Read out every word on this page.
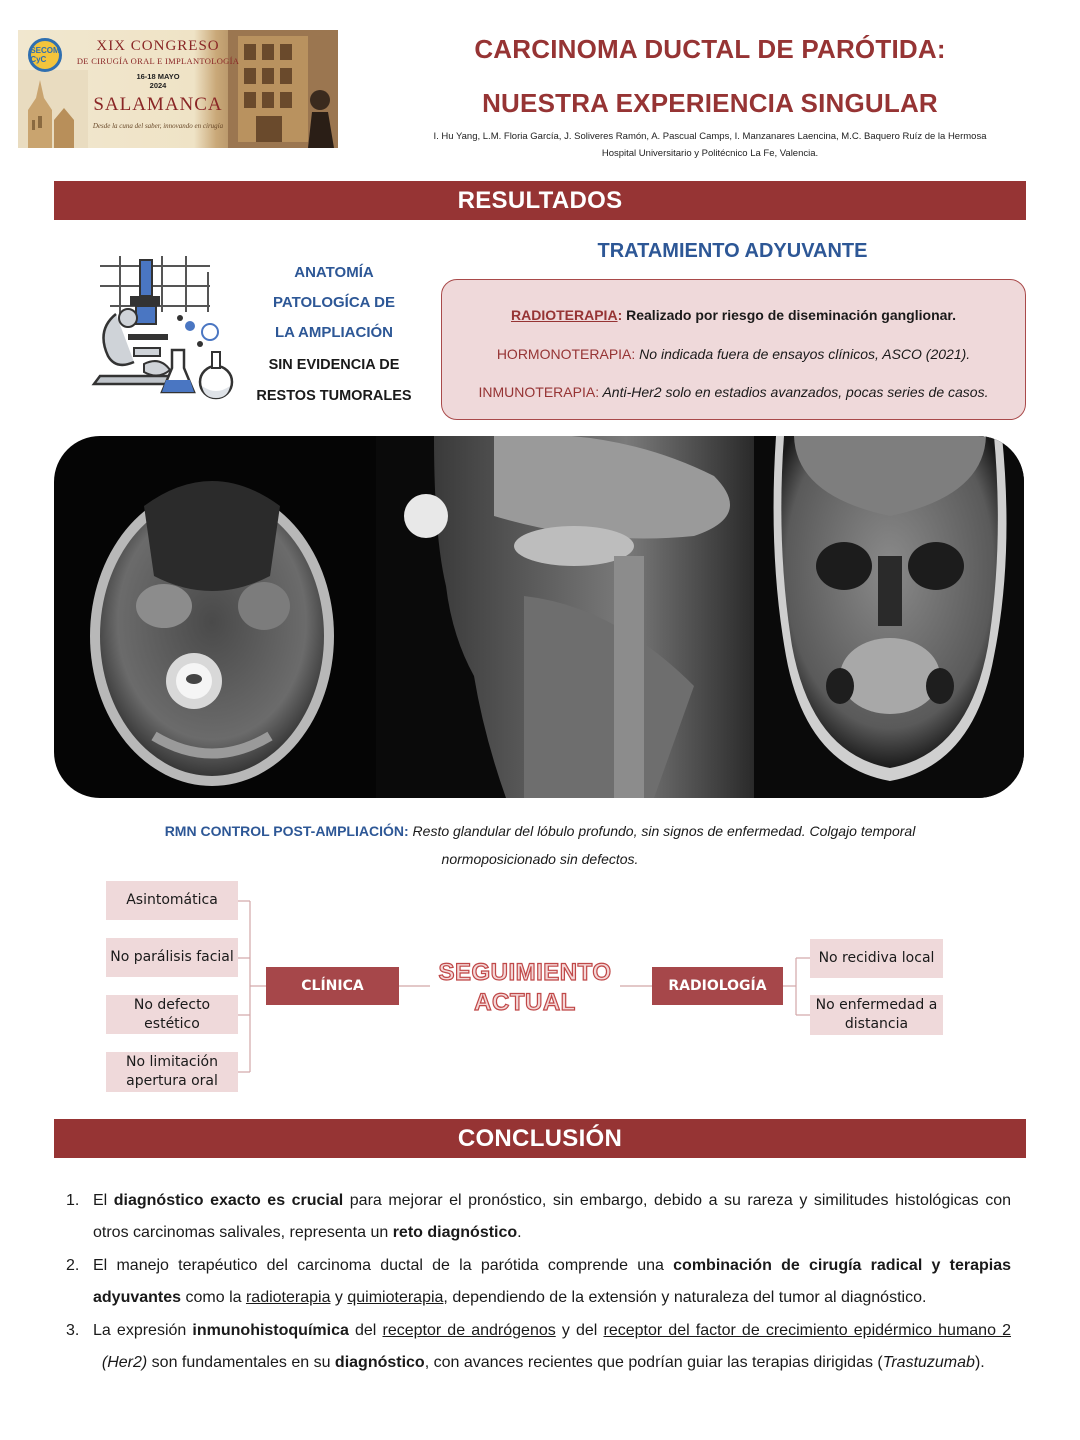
SECOM CyC
XIX CONGRESO
DE CIRUGÍA ORAL E IMPLANTOLOGÍA
16-18 MAYO
2024
SALAMANCA
Desde la cuna del saber, innovando en cirugía
CARCINOMA DUCTAL DE PARÓTIDA:
NUESTRA EXPERIENCIA SINGULAR
I. Hu Yang, L.M. Floria García, J. Soliveres Ramón, A. Pascual Camps, I. Manzanares Laencina, M.C. Baquero Ruíz de la Hermosa
Hospital Universitario y Politécnico La Fe, Valencia.
RESULTADOS
ANATOMÍA
PATOLOGÍCA DE
LA AMPLIACIÓN
SIN EVIDENCIA DE
RESTOS TUMORALES
TRATAMIENTO ADYUVANTE
RADIOTERAPIA: Realizado por riesgo de diseminación ganglionar.
HORMONOTERAPIA: No indicada fuera de ensayos clínicos, ASCO (2021).
INMUNOTERAPIA: Anti-Her2 solo en estadios avanzados, pocas series de casos.
RMN CONTROL POST-AMPLIACIÓN: Resto glandular del lóbulo profundo, sin signos de enfermedad. Colgajo temporal normoposicionado sin defectos.
Asintomática
No parálisis facial
No defecto estético
No limitación apertura oral
CLÍNICA	SEGUIMIENTO
ACTUAL
RADIOLOGÍA
No recidiva local
No enfermedad a distancia
CONCLUSIÓN
1. El diagnóstico exacto es crucial para mejorar el pronóstico, sin embargo, debido a su rareza y similitudes histológicas con otros carcinomas salivales, representa un reto diagnóstico.
2. El manejo terapéutico del carcinoma ductal de la parótida comprende una combinación de cirugía radical y terapias adyuvantes como la radioterapia y quimioterapia, dependiendo de la extensión y naturaleza del tumor al diagnóstico.
3. La expresión inmunohistoquímica del receptor de andrógenos y del receptor del factor de crecimiento epidérmico humano 2  (Her2) son fundamentales en su diagnóstico, con avances recientes que podrían guiar las terapias dirigidas (Trastuzumab).
